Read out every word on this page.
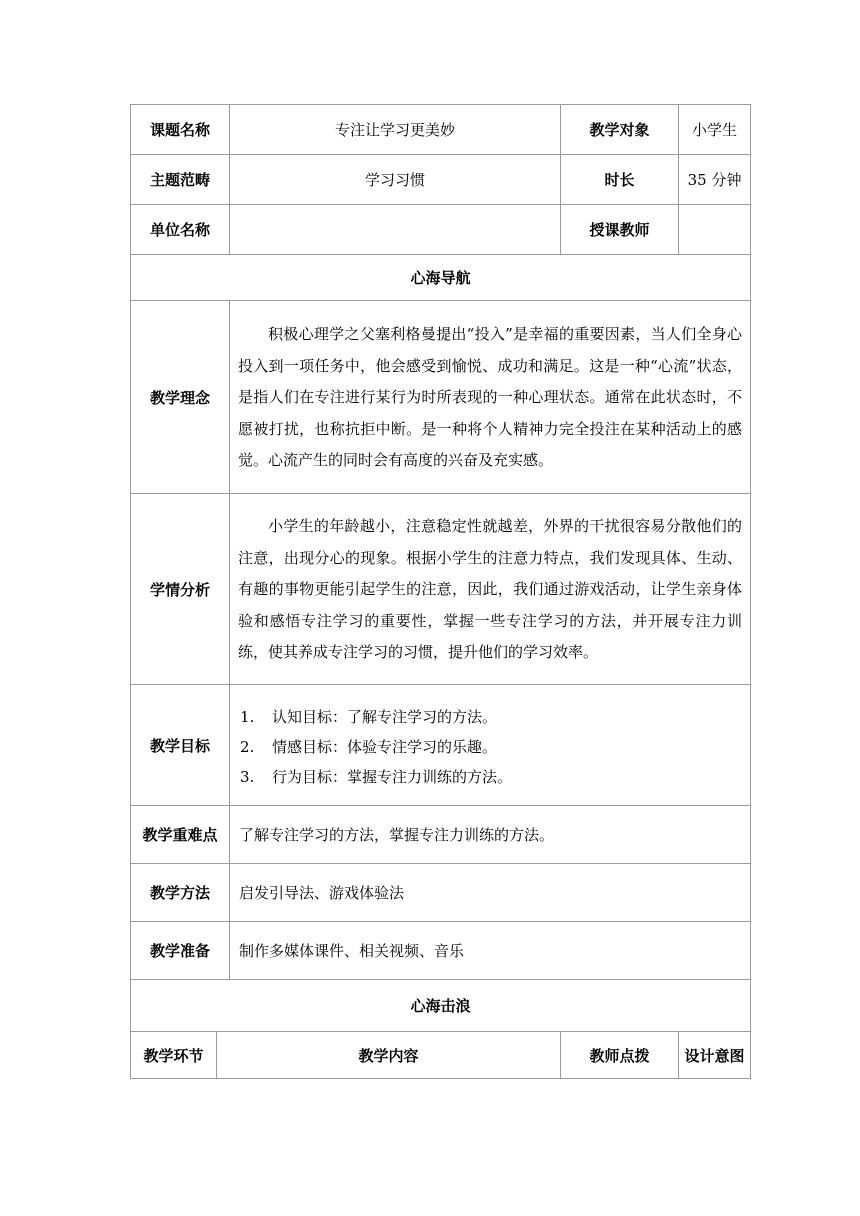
课题名称		专注让学习更美妙	教学对象	小学生
主题范畴		学习习惯	时长	35 分钟
单位名称			授课教师	
心海导航				
教学理念		积极心理学之父塞利格曼提出“投入”是幸福的重要因素，当人们全身心投入到一项任务中，他会感受到愉悦、成功和满足。这是一种“心流”状态，是指人们在专注进行某行为时所表现的一种心理状态。通常在此状态时，不愿被打扰，也称抗拒中断。是一种将个人精神力完全投注在某种活动上的感觉。心流产生的同时会有高度的兴奋及充实感。		
学情分析		小学生的年龄越小，注意稳定性就越差，外界的干扰很容易分散他们的注意，出现分心的现象。根据小学生的注意力特点，我们发现具体、生动、有趣的事物更能引起学生的注意，因此，我们通过游戏活动，让学生亲身体验和感悟专注学习的重要性，掌握一些专注学习的方法，并开展专注力训练，使其养成专注学习的习惯，提升他们的学习效率。		
教学目标		1. 认知目标：了解专注学习的方法。
2. 情感目标：体验专注学习的乐趣。
3. 行为目标：掌握专注力训练的方法。		

教学重难点		了解专注学习的方法，掌握专注力训练的方法。		
教学方法		启发引导法、游戏体验法		
教学准备		制作多媒体课件、相关视频、音乐		
心海击浪				
教学环节	教学内容		教师点拨	设计意图
